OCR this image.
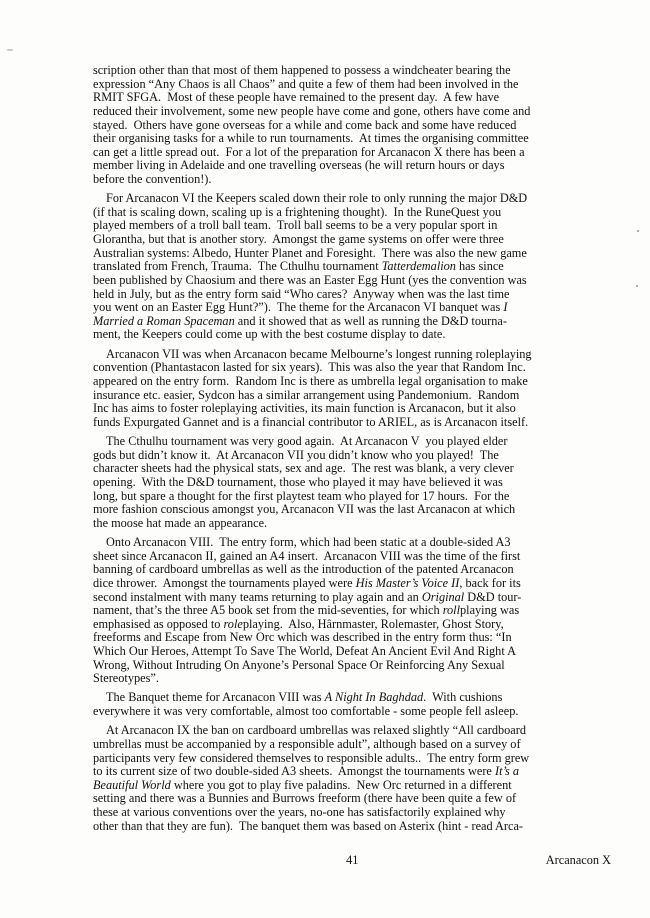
scription other than that most of them happened to possess a windcheater bearing the
expression “Any Chaos is all Chaos” and quite a few of them had been involved in the
RMIT SFGA.  Most of these people have remained to the present day.  A few have
reduced their involvement, some new people have come and gone, others have come and
stayed.  Others have gone overseas for a while and come back and some have reduced
their organising tasks for a while to run tournaments.  At times the organising committee
can get a little spread out.  For a lot of the preparation for Arcanacon X there has been a
member living in Adelaide and one travelling overseas (he will return hours or days
before the convention!).

For Arcanacon VI the Keepers scaled down their role to only running the major D&D
(if that is scaling down, scaling up is a frightening thought).  In the RuneQuest you
played members of a troll ball team.  Troll ball seems to be a very popular sport in
Glorantha, but that is another story.  Amongst the game systems on offer were three
Australian systems: Albedo, Hunter Planet and Foresight.  There was also the new game
translated from French, Trauma.  The Cthulhu tournament Tatterdemalion has since
been published by Chaosium and there was an Easter Egg Hunt (yes the convention was
held in July, but as the entry form said “Who cares?  Anyway when was the last time
you went on an Easter Egg Hunt?”).  The theme for the Arcanacon VI banquet was I
Married a Roman Spaceman and it showed that as well as running the D&D tourna-
ment, the Keepers could come up with the best costume display to date.

Arcanacon VII was when Arcanacon became Melbourne’s longest running roleplaying
convention (Phantastacon lasted for six years).  This was also the year that Random Inc.
appeared on the entry form.  Random Inc is there as umbrella legal organisation to make
insurance etc. easier, Sydcon has a similar arrangement using Pandemonium.  Random
Inc has aims to foster roleplaying activities, its main function is Arcanacon, but it also
funds Expurgated Gannet and is a financial contributor to ARIEL, as is Arcanacon itself.

The Cthulhu tournament was very good again.  At Arcanacon V  you played elder
gods but didn’t know it.  At Arcanacon VII you didn’t know who you played!  The
character sheets had the physical stats, sex and age.  The rest was blank, a very clever
opening.  With the D&D tournament, those who played it may have believed it was
long, but spare a thought for the first playtest team who played for 17 hours.  For the
more fashion conscious amongst you, Arcanacon VII was the last Arcanacon at which
the moose hat made an appearance.

Onto Arcanacon VIII.  The entry form, which had been static at a double-sided A3
sheet since Arcanacon II, gained an A4 insert.  Arcanacon VIII was the time of the first
banning of cardboard umbrellas as well as the introduction of the patented Arcanacon
dice thrower.  Amongst the tournaments played were His Master’s Voice II, back for its
second instalment with many teams returning to play again and an Original D&D tour-
nament, that’s the three A5 book set from the mid-seventies, for which rollplaying was
emphasised as opposed to roleplaying.  Also, Hârnmaster, Rolemaster, Ghost Story,
freeforms and Escape from New Orc which was described in the entry form thus: “In
Which Our Heroes, Attempt To Save The World, Defeat An Ancient Evil And Right A
Wrong, Without Intruding On Anyone’s Personal Space Or Reinforcing Any Sexual
Stereotypes”.

The Banquet theme for Arcanacon VIII was A Night In Baghdad.  With cushions
everywhere it was very comfortable, almost too comfortable - some people fell asleep.

At Arcanacon IX the ban on cardboard umbrellas was relaxed slightly “All cardboard
umbrellas must be accompanied by a responsible adult”, although based on a survey of
participants very few considered themselves to responsible adults..  The entry form grew
to its current size of two double-sided A3 sheets.  Amongst the tournaments were It’s a
Beautiful World where you got to play five paladins.  New Orc returned in a different
setting and there was a Bunnies and Burrows freeform (there have been quite a few of
these at various conventions over the years, no-one has satisfactorily explained why
other than that they are fun).  The banquet them was based on Asterix (hint - read Arca-

41	Arcanacon X
